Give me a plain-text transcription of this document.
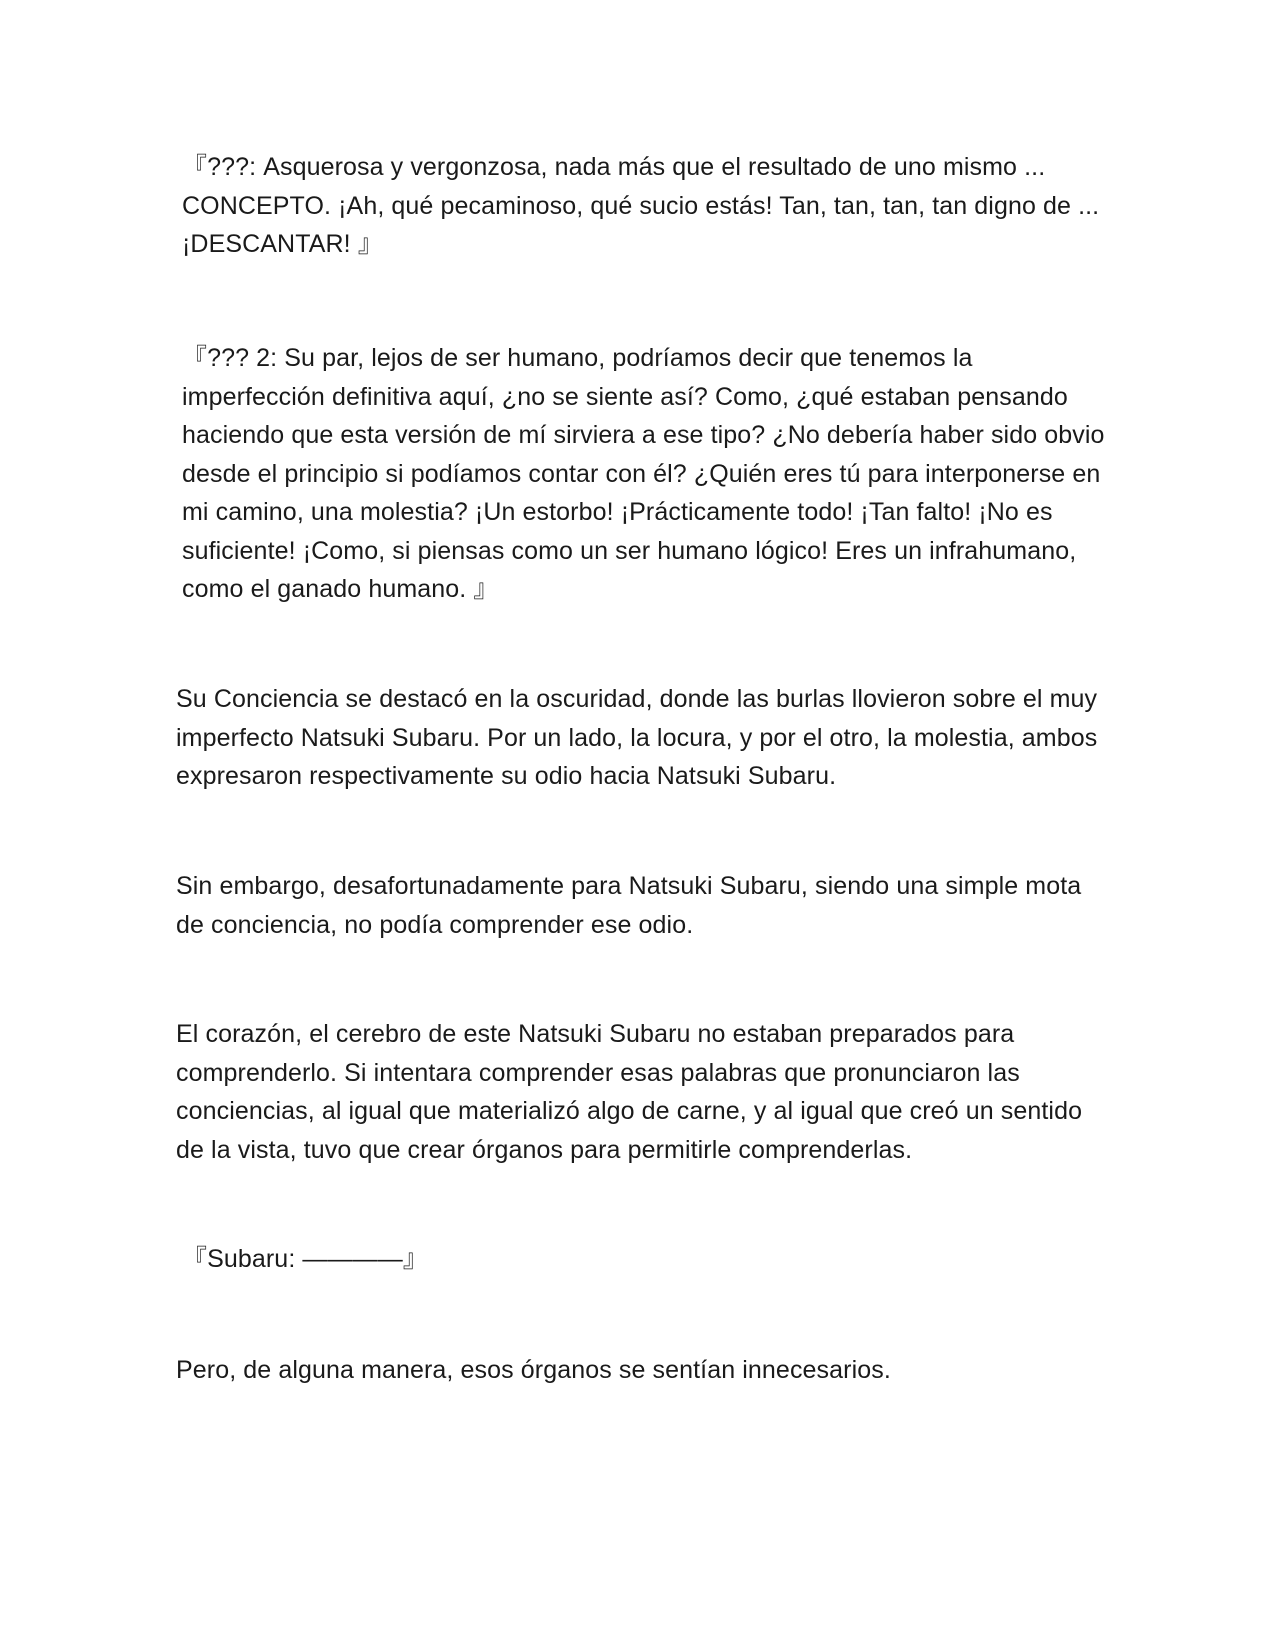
『???: Asquerosa y vergonzosa, nada más que el resultado de uno mismo ... CONCEPTO. ¡Ah, qué pecaminoso, qué sucio estás! Tan, tan, tan, tan digno de ... ¡DESCANTAR! 』

『??? 2: Su par, lejos de ser humano, podríamos decir que tenemos la imperfección definitiva aquí, ¿no se siente así? Como, ¿qué estaban pensando haciendo que esta versión de mí sirviera a ese tipo? ¿No debería haber sido obvio desde el principio si podíamos contar con él? ¿Quién eres tú para interponerse en mi camino, una molestia? ¡Un estorbo! ¡Prácticamente todo! ¡Tan falto! ¡No es suficiente! ¡Como, si piensas como un ser humano lógico! Eres un infrahumano, como el ganado humano. 』

Su Conciencia se destacó en la oscuridad, donde las burlas llovieron sobre el muy imperfecto Natsuki Subaru. Por un lado, la locura, y por el otro, la molestia, ambos expresaron respectivamente su odio hacia Natsuki Subaru.

Sin embargo, desafortunadamente para Natsuki Subaru, siendo una simple mota de conciencia, no podía comprender ese odio.

El corazón, el cerebro de este Natsuki Subaru no estaban preparados para comprenderlo. Si intentara comprender esas palabras que pronunciaron las conciencias, al igual que materializó algo de carne, y al igual que creó un sentido de la vista, tuvo que crear órganos para permitirle comprenderlas.

『Subaru: ————』

Pero, de alguna manera, esos órganos se sentían innecesarios.
